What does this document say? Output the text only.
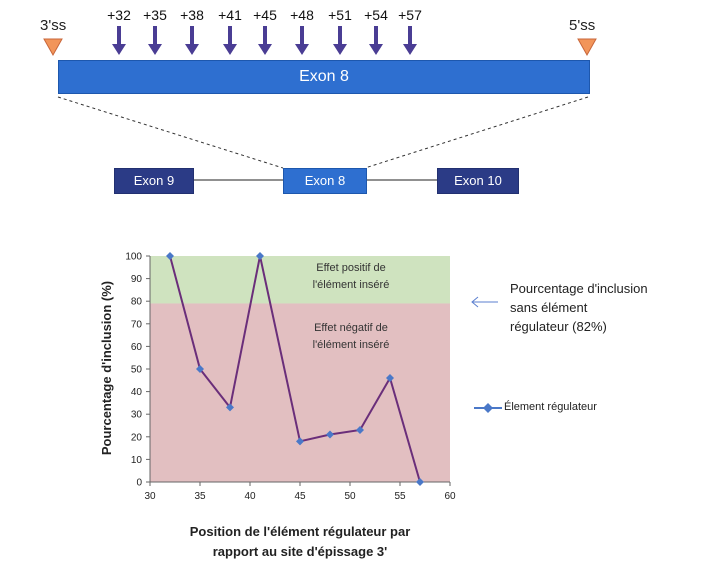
3'ss	5'ss
+32 +35 +38	+41 +45 +48	+51 +54 +57
Exon 8
Exon 9	Exon 8	Exon 10
0
10
20
30
40
50
60
70
80
90
100
30	35	40	45	50	55	60
Effet positif de
l'élément inséré
Effet négatif de
l'élément inséré
Pourcentage d'inclusion (%)
Position de l'élément régulateur par
rapport au site d'épissage 3'
Pourcentage d'inclusion
sans élément
régulateur (82%)
Élement régulateur
